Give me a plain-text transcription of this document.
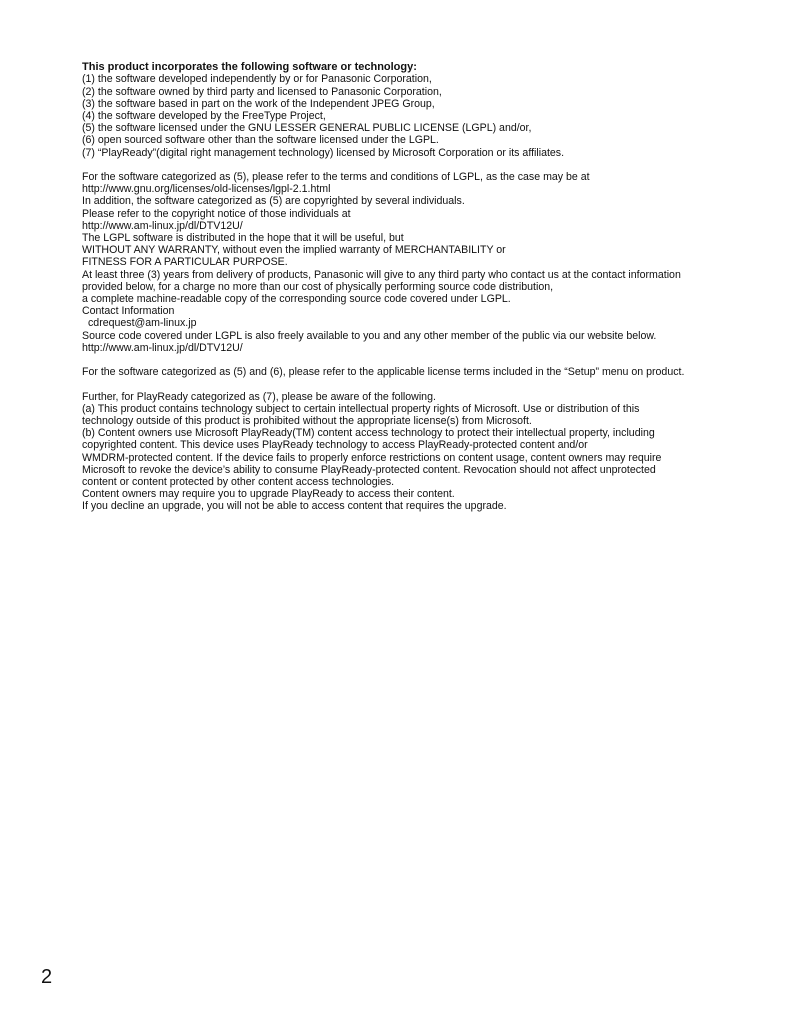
This product incorporates the following software or technology:
(1) the software developed independently by or for Panasonic Corporation,
(2) the software owned by third party and licensed to Panasonic Corporation,
(3) the software based in part on the work of the Independent JPEG Group,
(4) the software developed by the FreeType Project,
(5) the software licensed under the GNU LESSER GENERAL PUBLIC LICENSE (LGPL) and/or,
(6) open sourced software other than the software licensed under the LGPL.
(7) “PlayReady”(digital right management technology) licensed by Microsoft Corporation or its affiliates.
For the software categorized as (5), please refer to the terms and conditions of LGPL, as the case may be at
http://www.gnu.org/licenses/old-licenses/lgpl-2.1.html
In addition, the software categorized as (5) are copyrighted by several individuals.
Please refer to the copyright notice of those individuals at
http://www.am-linux.jp/dl/DTV12U/
The LGPL software is distributed in the hope that it will be useful, but
WITHOUT ANY WARRANTY, without even the implied warranty of MERCHANTABILITY or
FITNESS FOR A PARTICULAR PURPOSE.
At least three (3) years from delivery of products, Panasonic will give to any third party who contact us at the contact information
provided below, for a charge no more than our cost of physically performing source code distribution,
a complete machine-readable copy of the corresponding source code covered under LGPL.
Contact Information
cdrequest@am-linux.jp
Source code covered under LGPL is also freely available to you and any other member of the public via our website below.
http://www.am-linux.jp/dl/DTV12U/
For the software categorized as (5) and (6), please refer to the applicable license terms included in the “Setup” menu on product.
Further, for PlayReady categorized as (7), please be aware of the following.
(a) This product contains technology subject to certain intellectual property rights of Microsoft. Use or distribution of this
technology outside of this product is prohibited without the appropriate license(s) from Microsoft.
(b) Content owners use Microsoft PlayReady(TM) content access technology to protect their intellectual property, including
copyrighted content. This device uses PlayReady technology to access PlayReady-protected content and/or
WMDRM-protected content. If the device fails to properly enforce restrictions on content usage, content owners may require
Microsoft to revoke the device’s ability to consume PlayReady-protected content. Revocation should not affect unprotected
content or content protected by other content access technologies.
Content owners may require you to upgrade PlayReady to access their content.
If you decline an upgrade, you will not be able to access content that requires the upgrade.
2
